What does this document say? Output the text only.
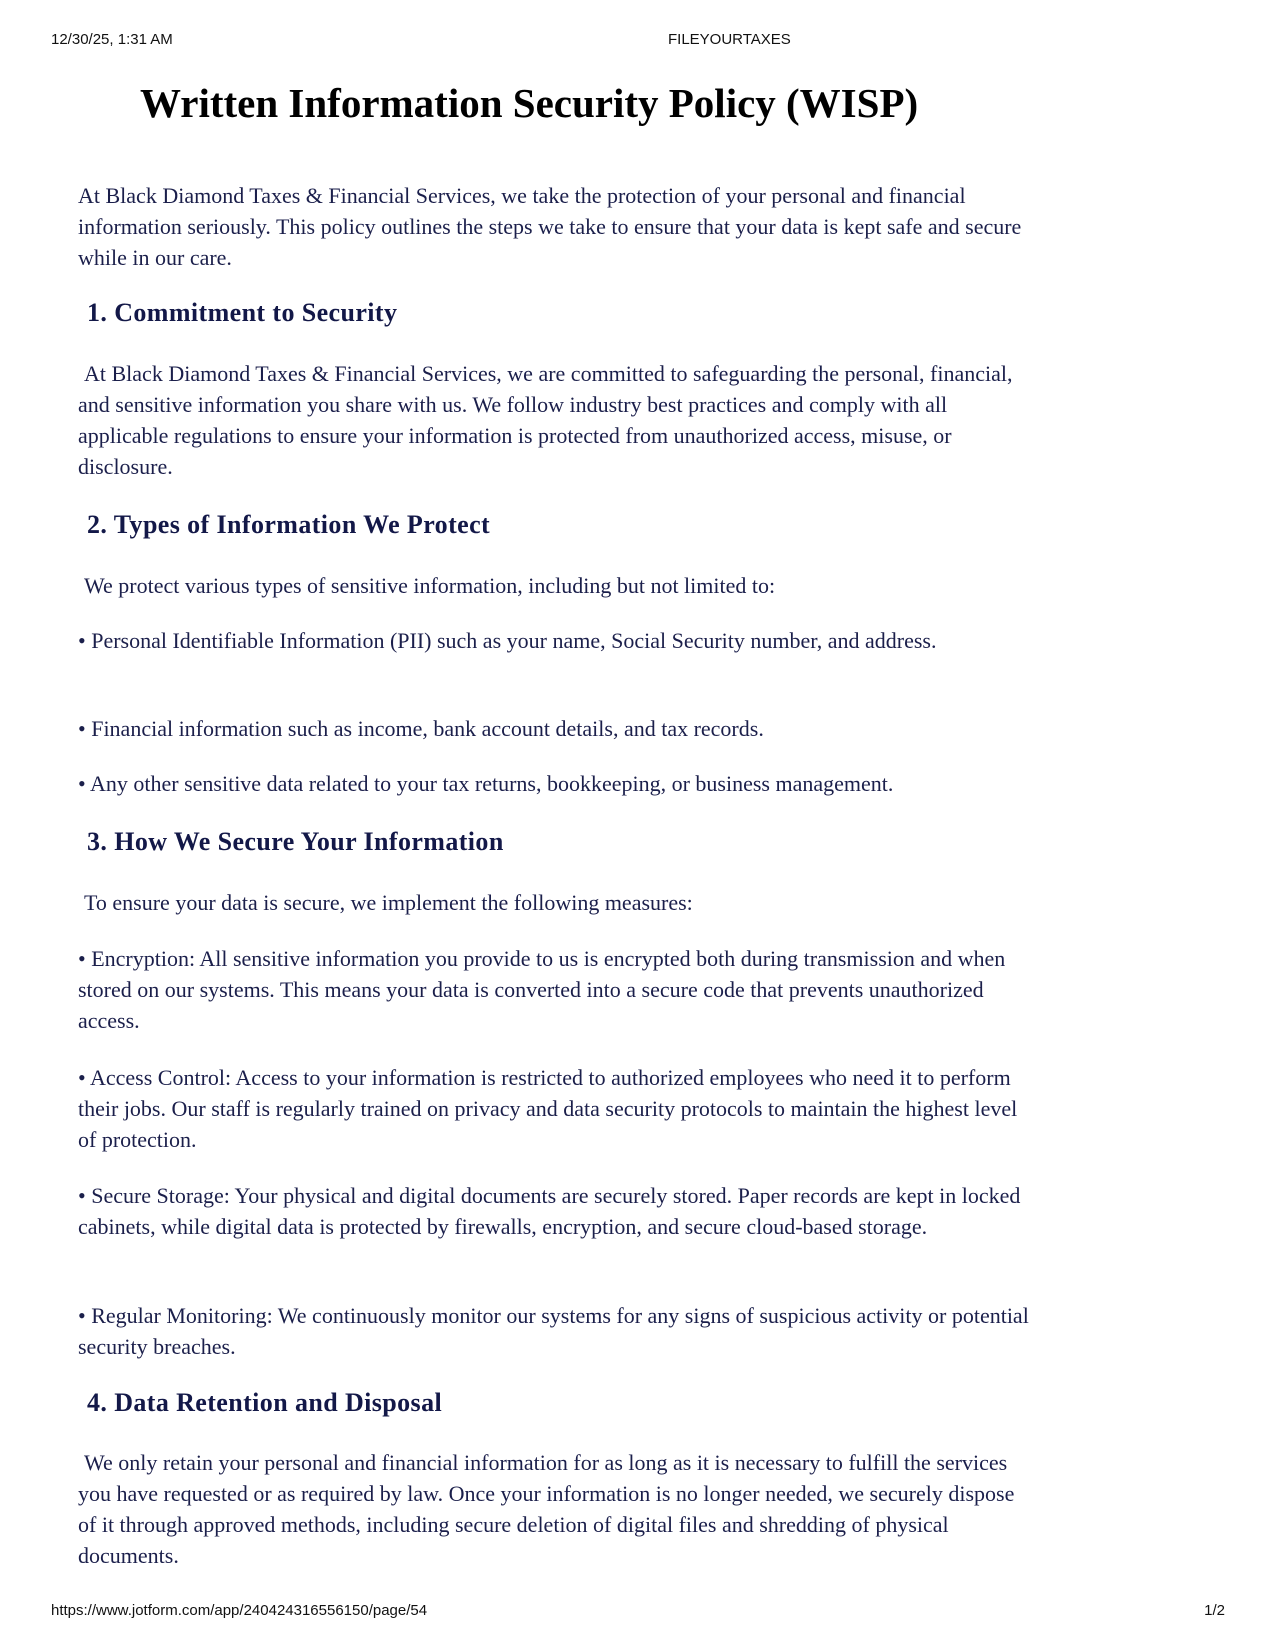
12/30/25, 1:31 AM	FILEYOURTAXES
Written Information Security Policy (WISP)

At Black Diamond Taxes & Financial Services, we take the protection of your personal and financial information seriously. This policy outlines the steps we take to ensure that your data is kept safe and secure while in our care.

1. Commitment to Security

At Black Diamond Taxes & Financial Services, we are committed to safeguarding the personal, financial, and sensitive information you share with us. We follow industry best practices and comply with all applicable regulations to ensure your information is protected from unauthorized access, misuse, or disclosure.

2. Types of Information We Protect

We protect various types of sensitive information, including but not limited to:

• Personal Identifiable Information (PII) such as your name, Social Security number, and address.

• Financial information such as income, bank account details, and tax records.

• Any other sensitive data related to your tax returns, bookkeeping, or business management.

3. How We Secure Your Information

To ensure your data is secure, we implement the following measures:

• Encryption: All sensitive information you provide to us is encrypted both during transmission and when stored on our systems. This means your data is converted into a secure code that prevents unauthorized access.

• Access Control: Access to your information is restricted to authorized employees who need it to perform their jobs. Our staff is regularly trained on privacy and data security protocols to maintain the highest level of protection.

• Secure Storage: Your physical and digital documents are securely stored. Paper records are kept in locked cabinets, while digital data is protected by firewalls, encryption, and secure cloud-based storage.

• Regular Monitoring: We continuously monitor our systems for any signs of suspicious activity or potential security breaches.

4. Data Retention and Disposal

We only retain your personal and financial information for as long as it is necessary to fulfill the services you have requested or as required by law. Once your information is no longer needed, we securely dispose of it through approved methods, including secure deletion of digital files and shredding of physical documents.

https://www.jotform.com/app/240424316556150/page/54	1/2
